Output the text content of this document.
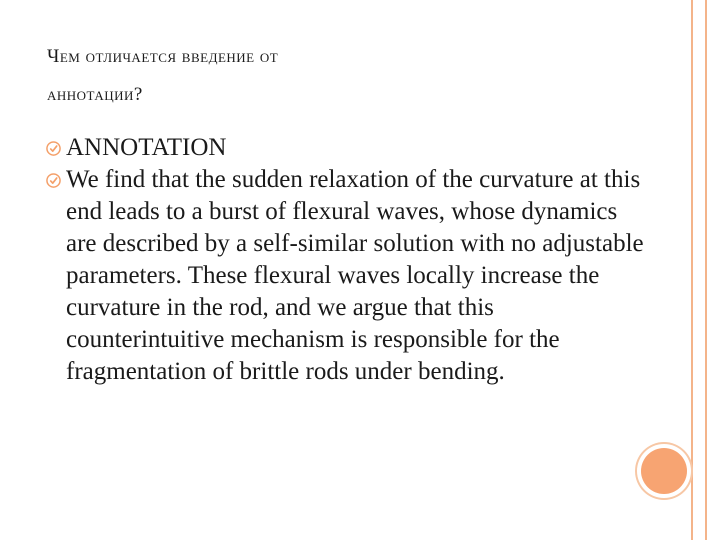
Чем отличается введение от
аннотации?
ANNOTATION
We find that the sudden relaxation of the curvature at this end leads to a burst of flexural waves, whose dynamics are described by a self-similar solution with no adjustable parameters. These flexural waves locally increase the curvature in the rod, and we argue that this counterintuitive mechanism is responsible for the fragmentation of brittle rods under bending.
